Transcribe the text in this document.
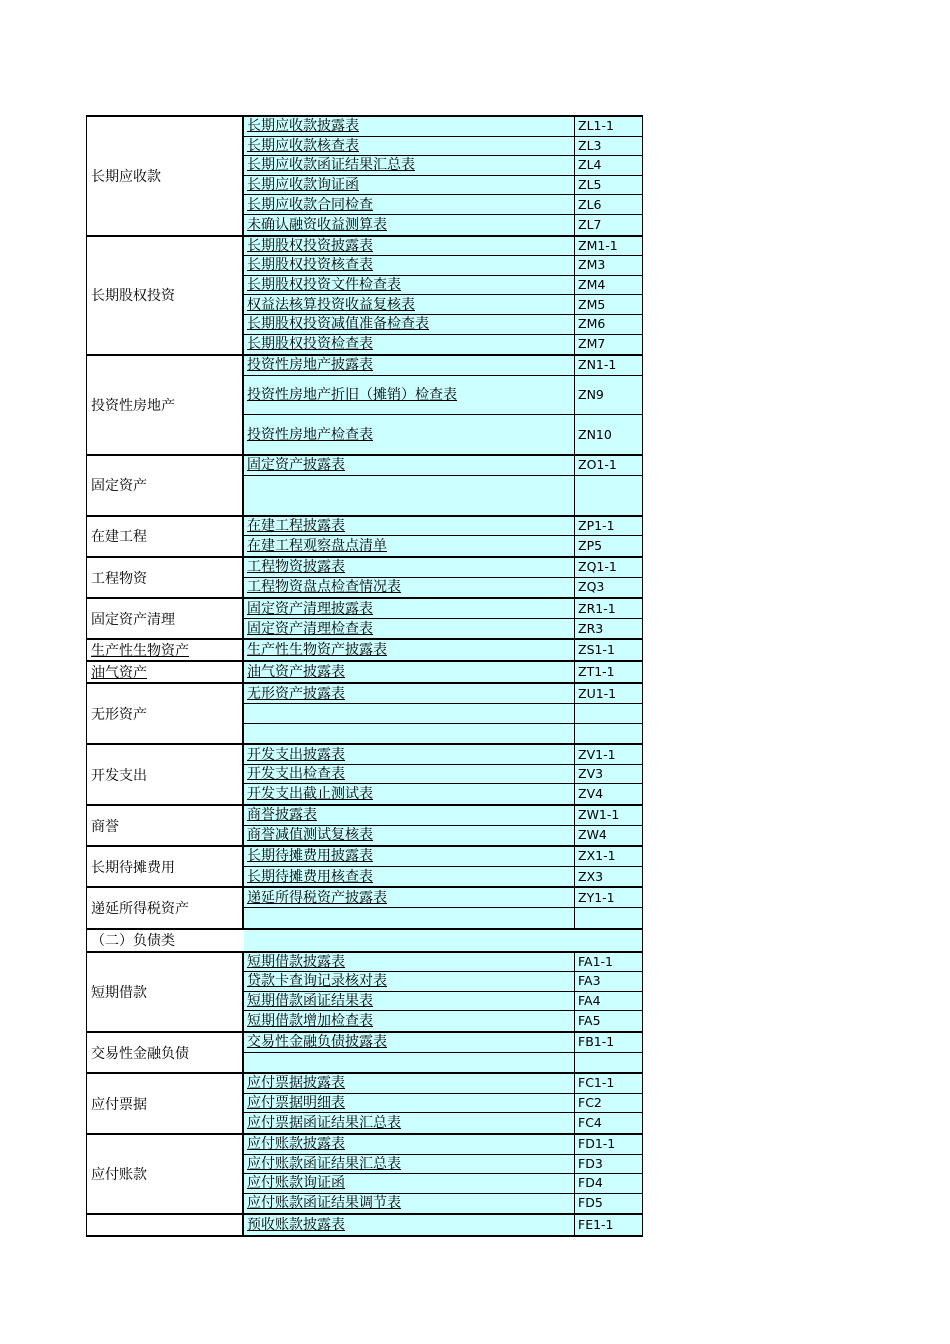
长期应收款
长期应收款披露表	ZL1-1
长期应收款核查表	ZL3
长期应收款函证结果汇总表	ZL4
长期应收款询证函	ZL5
长期应收款合同检查	ZL6
未确认融资收益测算表	ZL7
长期股权投资
长期股权投资披露表	ZM1-1
长期股权投资核查表	ZM3
长期股权投资文件检查表	ZM4
权益法核算投资收益复核表	ZM5
长期股权投资减值准备检查表	ZM6
长期股权投资检查表	ZM7
投资性房地产
投资性房地产披露表	ZN1-1
投资性房地产折旧（摊销）检查表	ZN9
投资性房地产检查表	ZN10
固定资产
固定资产披露表	ZO1-1
在建工程
在建工程披露表	ZP1-1
在建工程观察盘点清单	ZP5
工程物资
工程物资披露表	ZQ1-1
工程物资盘点检查情况表	ZQ3
固定资产清理
固定资产清理披露表	ZR1-1
固定资产清理检查表	ZR3
生产性生物资产	生产性生物资产披露表	ZS1-1
油气资产	油气资产披露表	ZT1-1
无形资产
无形资产披露表	ZU1-1
开发支出
开发支出披露表	ZV1-1
开发支出检查表	ZV3
开发支出截止测试表	ZV4
商誉
商誉披露表	ZW1-1
商誉减值测试复核表	ZW4
长期待摊费用
长期待摊费用披露表	ZX1-1
长期待摊费用核查表	ZX3
递延所得税资产
递延所得税资产披露表	ZY1-1
（二）负债类
短期借款
短期借款披露表	FA1-1
贷款卡查询记录核对表	FA3
短期借款函证结果表	FA4
短期借款增加检查表	FA5
交易性金融负债
交易性金融负债披露表	FB1-1
应付票据
应付票据披露表	FC1-1
应付票据明细表	FC2
应付票据函证结果汇总表	FC4
应付账款
应付账款披露表	FD1-1
应付账款函证结果汇总表	FD3
应付账款询证函	FD4
应付账款函证结果调节表	FD5
预收账款披露表	FE1-1
